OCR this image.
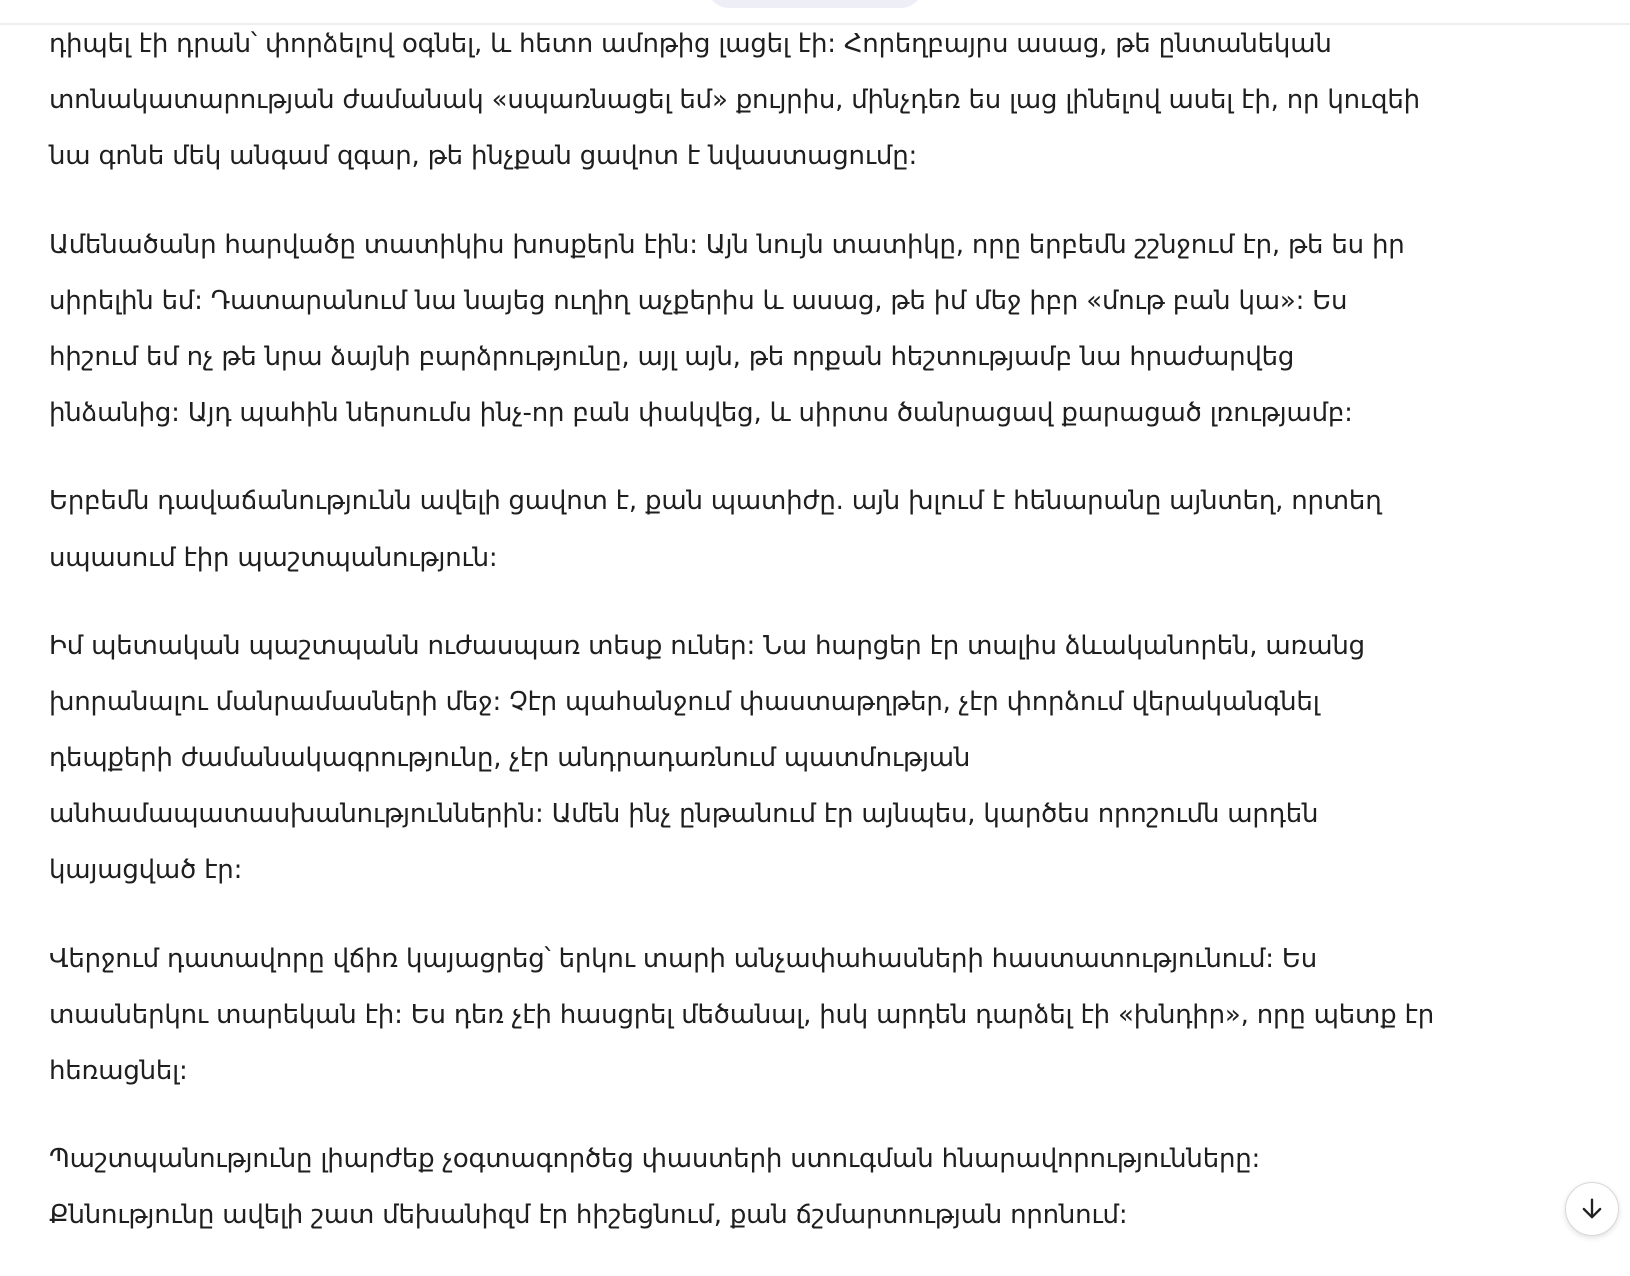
դիպել էի դրան՝ փորձելով օգնել, և հետո ամոթից լացել էի: Հորեղբայրս ասաց, թե ընտանեկան
տոնակատարության ժամանակ «սպառնացել եմ» քույրիս, մինչդեռ ես լաց լինելով ասել էի, որ կուզեի
նա գոնե մեկ անգամ զգար, թե ինչքան ցավոտ է նվաստացումը:
Ամենածանր հարվածը տատիկիս խոսքերն էին: Այն նույն տատիկը, որը երբեմն շշնջում էր, թե ես իր
սիրելին եմ: Դատարանում նա նայեց ուղիղ աչքերիս և ասաց, թե իմ մեջ իբր «մութ բան կա»: Ես
հիշում եմ ոչ թե նրա ձայնի բարձրությունը, այլ այն, թե որքան հեշտությամբ նա հրաժարվեց
ինձանից: Այդ պահին ներսումս ինչ-որ բան փակվեց, և սիրտս ծանրացավ քարացած լռությամբ:
Երբեմն դավաճանությունն ավելի ցավոտ է, քան պատիժը. այն խլում է հենարանը այնտեղ, որտեղ
սպասում էիր պաշտպանություն:
Իմ պետական պաշտպանն ուժասպառ տեսք ուներ: Նա հարցեր էր տալիս ձևականորեն, առանց
խորանալու մանրամասների մեջ: Չէր պահանջում փաստաթղթեր, չէր փորձում վերականգնել
դեպքերի ժամանակագրությունը, չէր անդրադառնում պատմության
անհամապատասխանություններին: Ամեն ինչ ընթանում էր այնպես, կարծես որոշումն արդեն
կայացված էր:
Վերջում դատավորը վճիռ կայացրեց՝ երկու տարի անչափահասների հաստատությունում: Ես
տասներկու տարեկան էի: Ես դեռ չէի հասցրել մեծանալ, իսկ արդեն դարձել էի «խնդիր», որը պետք էր
հեռացնել:
Պաշտպանությունը լիարժեք չօգտագործեց փաստերի ստուգման հնարավորությունները:
Քննությունը ավելի շատ մեխանիզմ էր հիշեցնում, քան ճշմարտության որոնում:
